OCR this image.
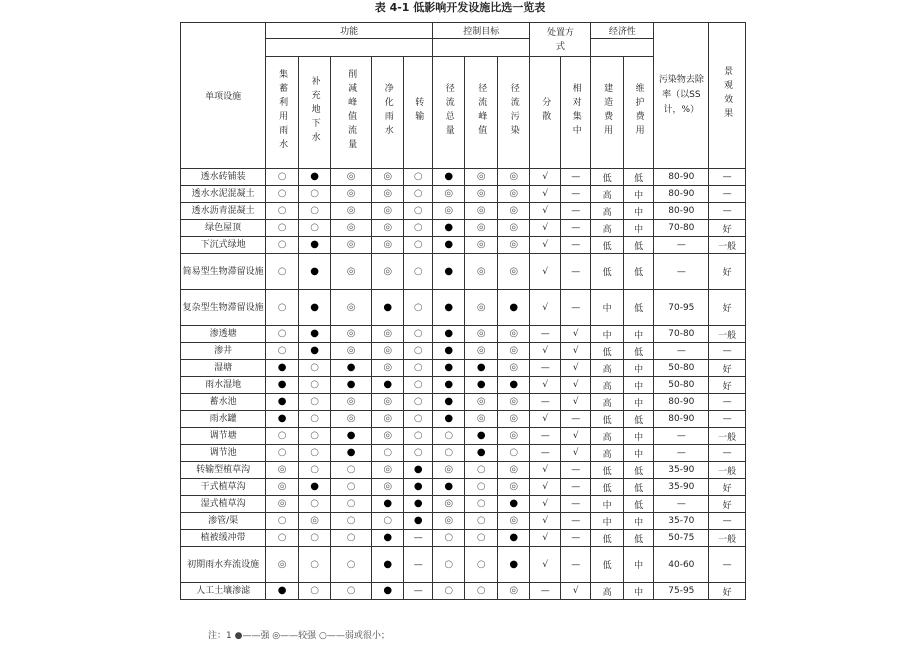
表 4-1 低影响开发设施比选一览表
单项设施	功能					控制目标			处置方式		经济性		污染物去除率（以SS计，%）	景观效果

	集蓄利用雨水	补充地下水	削减峰值流量	净化雨水	转输	径流总量	径流峰值	径流污染	分散	相对集中	建造费用	维护费用		
透水砖铺装	○	●	◎	◎	○	●	◎	◎	√	—	低	低	80-90	—
透水水泥混凝土	○	○	◎	◎	○	◎	◎	◎	√	—	高	中	80-90	—
透水沥青混凝土	○	○	◎	◎	○	◎	◎	◎	√	—	高	中	80-90	—
绿色屋顶	○	○	◎	◎	○	●	◎	◎	√	—	高	中	70-80	好
下沉式绿地	○	●	◎	◎	○	●	◎	◎	√	—	低	低	—	一般
简易型生物滞留设施	○	●	◎	◎	○	●	◎	◎	√	—	低	低	—	好
复杂型生物滞留设施	○	●	◎	●	○	●	◎	●	√	—	中	低	70-95	好
渗透塘	○	●	◎	◎	○	●	◎	◎	—	√	中	中	70-80	一般
渗井	○	●	◎	◎	○	●	◎	◎	√	√	低	低	—	—
湿塘	●	○	●	◎	○	●	●	◎	—	√	高	中	50-80	好
雨水湿地	●	○	●	●	○	●	●	●	√	√	高	中	50-80	好
蓄水池	●	○	◎	◎	○	●	◎	◎	—	√	高	中	80-90	—
雨水罐	●	○	◎	◎	○	●	◎	◎	√	—	低	低	80-90	—
调节塘	○	○	●	◎	○	○	●	◎	—	√	高	中	—	一般
调节池	○	○	●	○	○	○	●	○	—	√	高	中	—	—
转输型植草沟	◎	○	○	◎	●	◎	○	◎	√	—	低	低	35-90	一般
干式植草沟	◎	●	○	◎	●	●	○	◎	√	—	低	低	35-90	好
湿式植草沟	◎	○	○	●	●	◎	○	●	√	—	中	低	—	好
渗管/渠	○	◎	○	○	●	◎	○	◎	√	—	中	中	35-70	—
植被缓冲带	○	○	○	●	—	○	○	●	√	—	低	低	50-75	一般
初期雨水弃流设施	◎	○	○	●	—	○	○	●	√	—	低	中	40-60	—
人工土壤渗滤	●	○	○	●	—	○	○	◎	—	√	高	中	75-95	好
注：1 ●——强 ◎——较强 ○——弱或很小；
